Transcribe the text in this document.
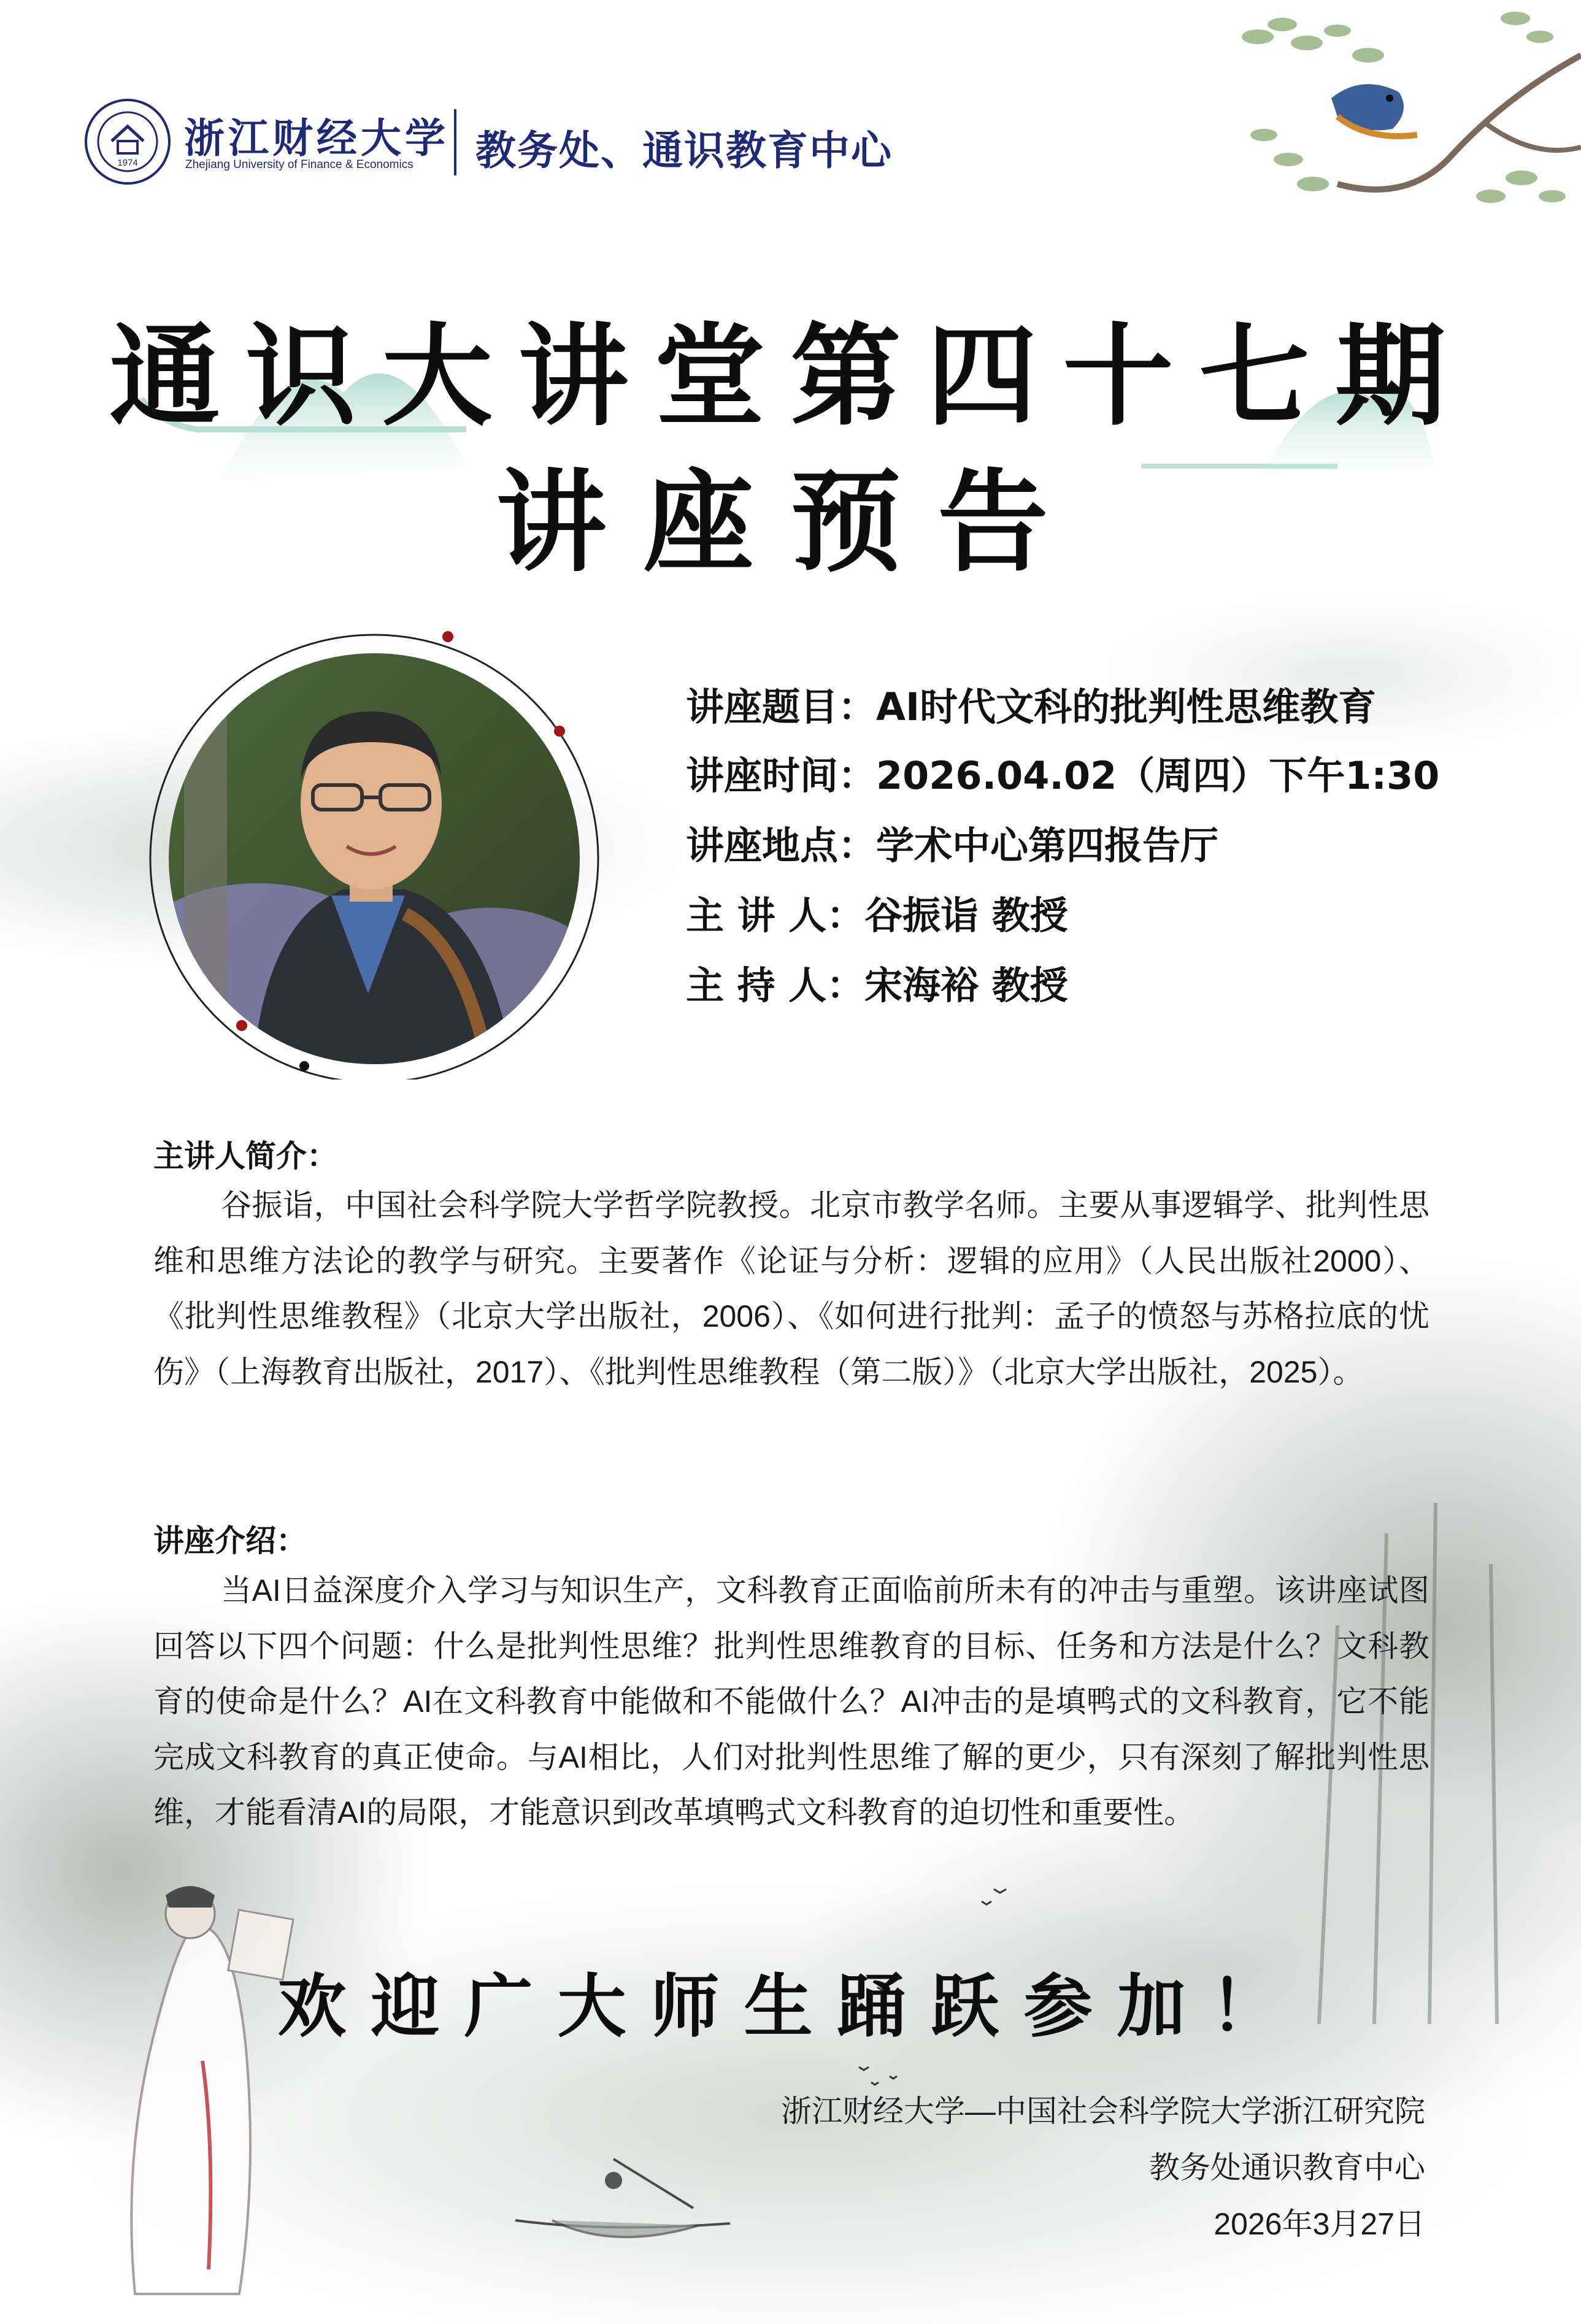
1974
浙江财经大学
Zhejiang University of Finance & Economics 教务处、通识教育中心
通识大讲堂第四十七期
讲座预告
讲座题目：AI时代文科的批判性思维教育
讲座时间：2026.04.02（周四）下午1:30
讲座地点：学术中心第四报告厅
主 讲 人：谷振诣 教授
主 持 人：宋海裕 教授
主讲人简介：
谷振诣，中国社会科学院大学哲学院教授。北京市教学名师。主要从事逻辑学、批判性思维和思维方法论的教学与研究。主要著作《论证与分析：逻辑的应用》（人民出版社2000）、《批判性思维教程》（北京大学出版社，2006）、《如何进行批判：孟子的愤怒与苏格拉底的忧伤》（上海教育出版社，2017）、《批判性思维教程（第二版）》（北京大学出版社，2025）。
讲座介绍：
当AI日益深度介入学习与知识生产，文科教育正面临前所未有的冲击与重塑。该讲座试图回答以下四个问题：什么是批判性思维？批判性思维教育的目标、任务和方法是什么？文科教育的使命是什么？AI在文科教育中能做和不能做什么？AI冲击的是填鸭式的文科教育，它不能完成文科教育的真正使命。与AI相比，人们对批判性思维了解的更少，只有深刻了解批判性思维，才能看清AI的局限，才能意识到改革填鸭式文科教育的迫切性和重要性。
欢迎广大师生踊跃参加！
浙江财经大学—中国社会科学院大学浙江研究院
教务处通识教育中心
2026年3月27日
